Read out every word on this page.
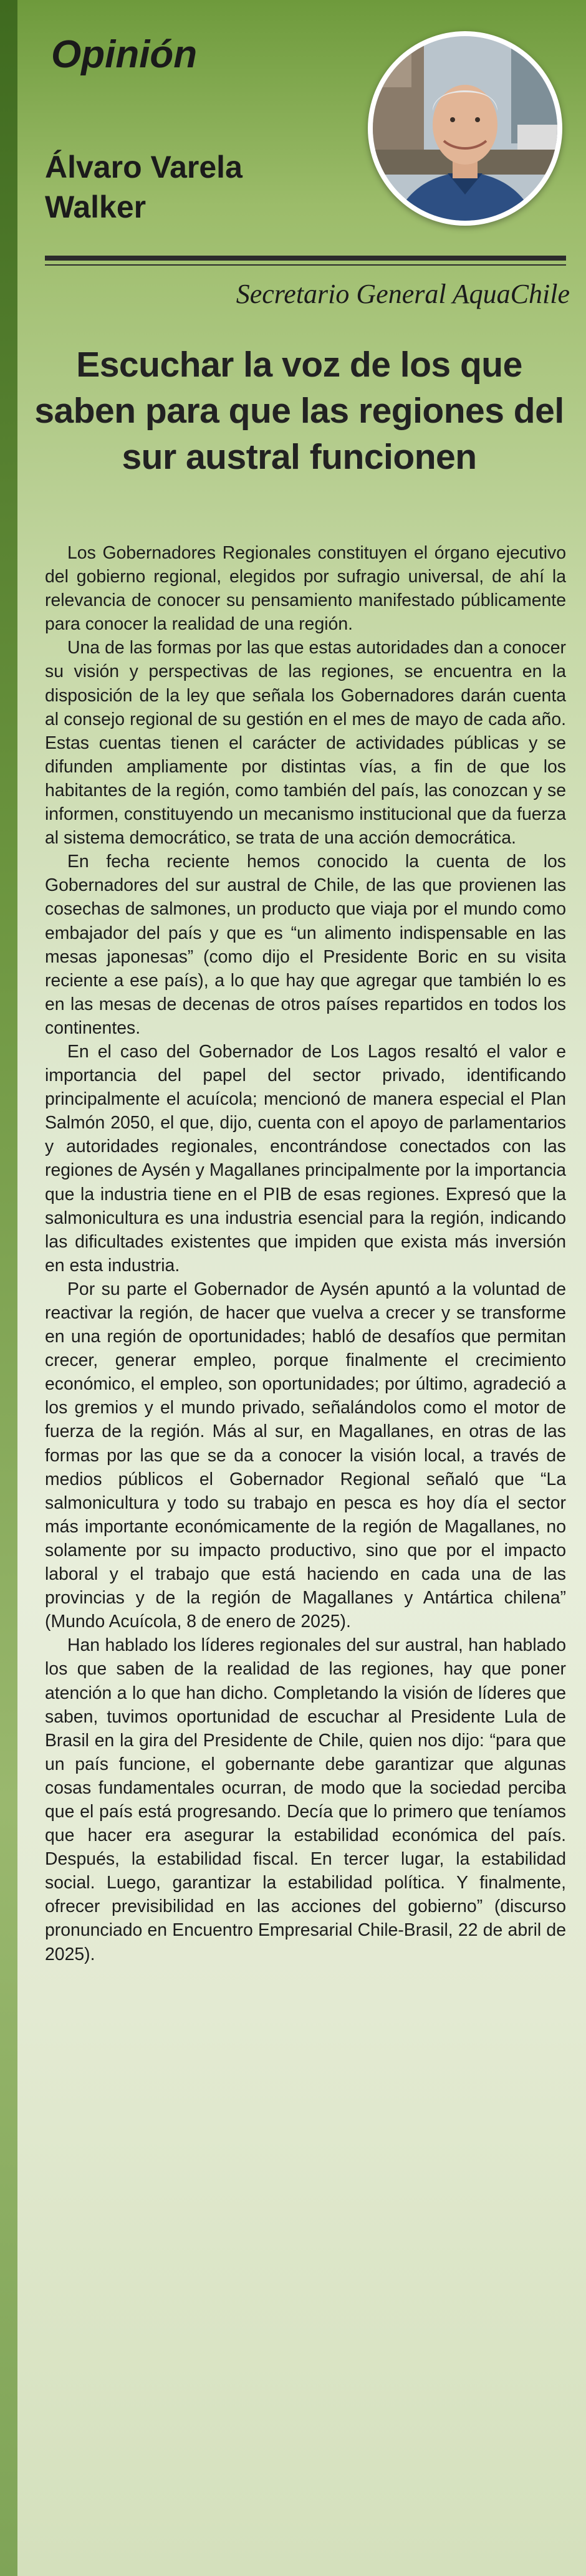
Opinión
Álvaro Varela Walker

Secretario General AquaChile

Escuchar la voz de los que saben para que las regiones del sur austral funcionen

Los Gobernadores Regionales constituyen el órgano ejecutivo del gobierno regional, elegidos por sufragio universal, de ahí la relevancia de conocer su pensamiento manifestado públicamente para conocer la realidad de una región.

Una de las formas por las que estas autoridades dan a conocer su visión y perspectivas de las regiones, se encuentra en la disposición de la ley que señala los Gobernadores darán cuenta al consejo regional de su gestión en el mes de mayo de cada año. Estas cuentas tienen el carácter de actividades públicas y se difunden ampliamente por distintas vías, a fin de que los habitantes de la región, como también del país, las conozcan y se informen, constituyendo un mecanismo institucional que da fuerza al sistema democrático, se trata de una acción democrática.

En fecha reciente hemos conocido la cuenta de los Gobernadores del sur austral de Chile, de las que provienen las cosechas de salmones, un producto que viaja por el mundo como embajador del país y que es “un alimento indispensable en las mesas japonesas” (como dijo el Presidente Boric en su visita reciente a ese país), a lo que hay que agregar que también lo es en las mesas de decenas de otros países repartidos en todos los continentes.

En el caso del Gobernador de Los Lagos resaltó el valor e importancia del papel del sector privado, identificando principalmente el acuícola; mencionó de manera especial el Plan Salmón 2050, el que, dijo, cuenta con el apoyo de parlamentarios y autoridades regionales, encontrándose conectados con las regiones de Aysén y Magallanes principalmente por la importancia que la industria tiene en el PIB de esas regiones. Expresó que la salmonicultura es una industria esencial para la región, indicando las dificultades existentes que impiden que exista más inversión en esta industria.

Por su parte el Gobernador de Aysén apuntó a la voluntad de reactivar la región, de hacer que vuelva a crecer y se transforme en una región de oportunidades; habló de desafíos que permitan crecer, generar empleo, porque finalmente el crecimiento económico, el empleo, son oportunidades; por último, agradeció a los gremios y el mundo privado, señalándolos como el motor de fuerza de la región. Más al sur, en Magallanes, en otras de las formas por las que se da a conocer la visión local, a través de medios públicos el Gobernador Regional señaló que “La salmonicultura y todo su trabajo en pesca es hoy día el sector más importante económicamente de la región de Magallanes, no solamente por su impacto productivo, sino que por el impacto laboral y el trabajo que está haciendo en cada una de las provincias y de la región de Magallanes y Antártica chilena” (Mundo Acuícola, 8 de enero de 2025).

Han hablado los líderes regionales del sur austral, han hablado los que saben de la realidad de las regiones, hay que poner atención a lo que han dicho. Completando la visión de líderes que saben, tuvimos oportunidad de escuchar al Presidente Lula de Brasil en la gira del Presidente de Chile, quien nos dijo: “para que un país funcione, el gobernante debe garantizar que algunas cosas fundamentales ocurran, de modo que la sociedad perciba que el país está progresando. Decía que lo primero que teníamos que hacer era asegurar la estabilidad económica del país. Después, la estabilidad fiscal. En tercer lugar, la estabilidad social. Luego, garantizar la estabilidad política. Y finalmente, ofrecer previsibilidad en las acciones del gobierno” (discurso pronunciado en Encuentro Empresarial Chile-Brasil, 22 de abril de 2025).
